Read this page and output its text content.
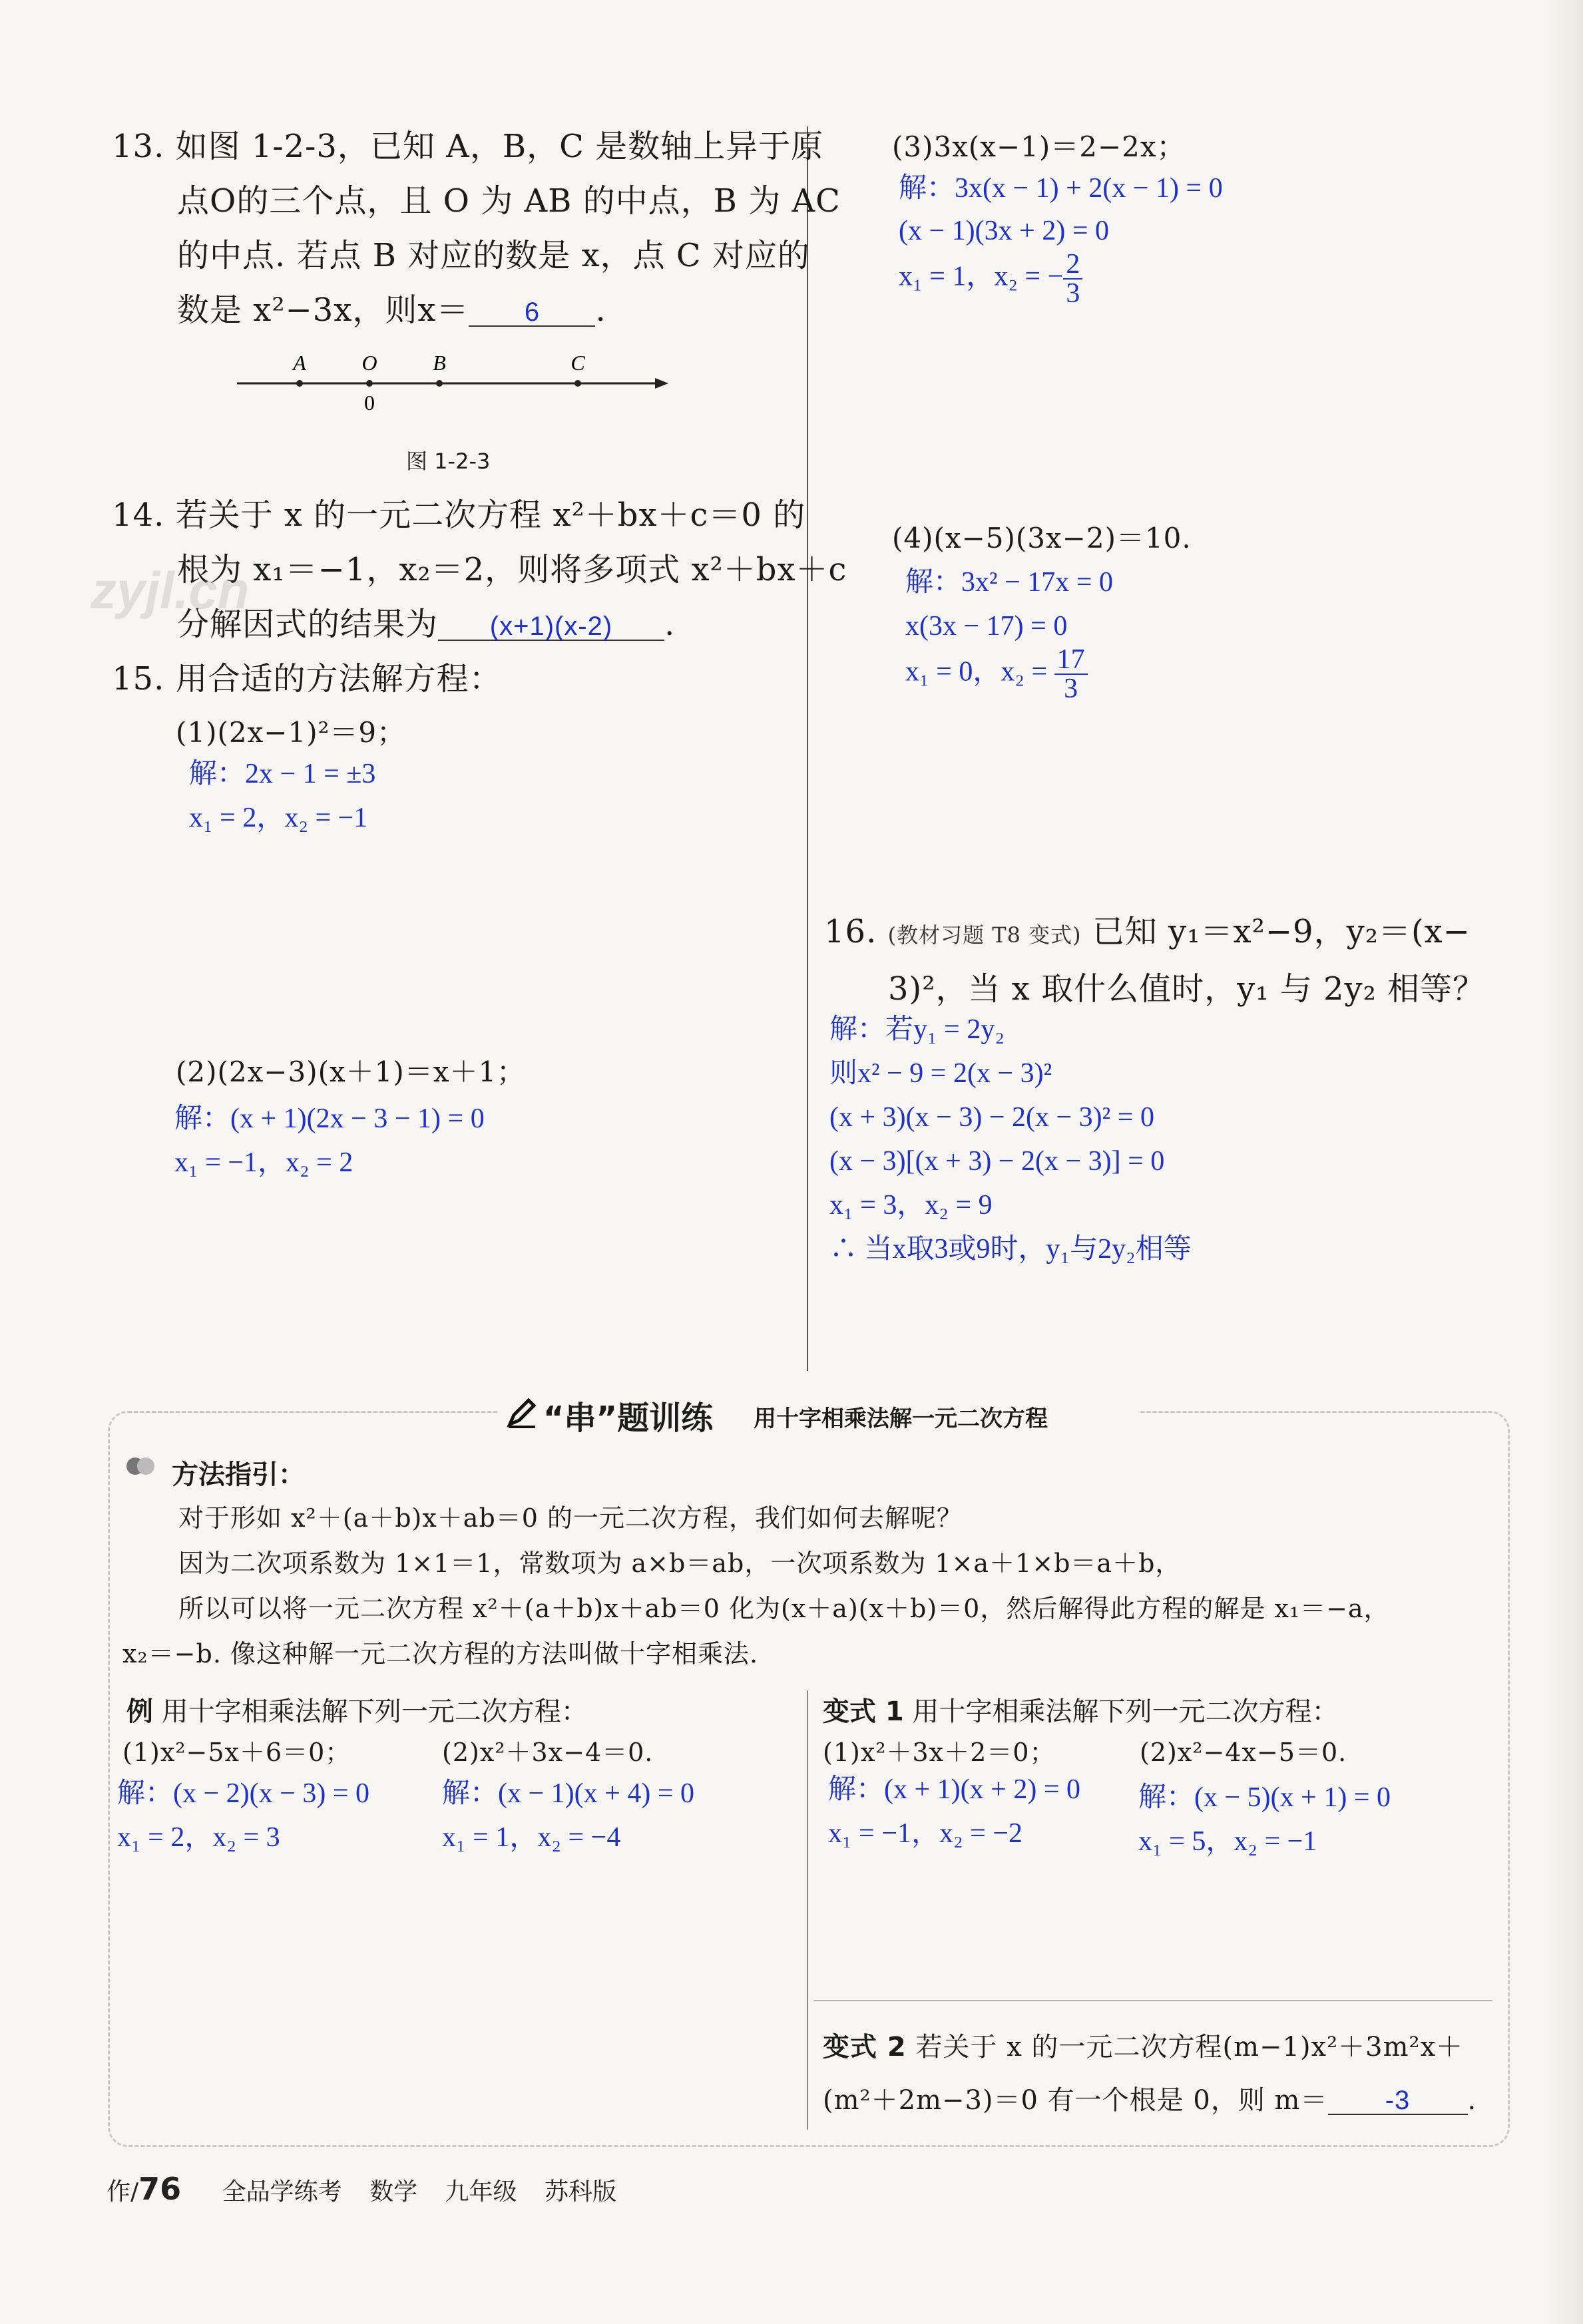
13. 如图 1-2-3，已知 A，B，C 是数轴上异于原
点O的三个点，且 O 为 AB 的中点，B 为 AC
的中点. 若点 B 对应的数是 x，点 C 对应的
数是 x²−3x，则x＝ 6 .
A	O	B	C
0
图 1-2-3
14. 若关于 x 的一元二次方程 x²＋bx＋c＝0 的
根为 x₁＝−1，x₂＝2，则将多项式 x²＋bx＋c
zyjl.cn
分解因式的结果为 (x+1)(x-2) .
15. 用合适的方法解方程：
(1)(2x−1)²＝9；
解：2x − 1 = ±3
x₁ = 2，x₂ = −1
(2)(2x−3)(x＋1)＝x＋1；
解：(x + 1)(2x − 3 − 1) = 0
x₁ = −1，x₂ = 2
(3)3x(x−1)＝2−2x；
解：3x(x − 1) + 2(x − 1) = 0
(x − 1)(3x + 2) = 0
x₁ = 1，x₂ = − $\frac{2}{3}$
(4)(x−5)(3x−2)＝10.
解：3x² − 17x = 0
x(3x − 17) = 0
x₁ = 0，$x_2 = \frac{17}{3}$
16. (教材习题 T8 变式) 已知 y₁＝x²−9，y₂＝(x−
3)²，当 x 取什么值时，y₁ 与 2y₂ 相等？
解：若y₁ = 2y₂
则x² − 9 = 2(x − 3)²
(x + 3)(x − 3) − 2(x − 3)² = 0
(x − 3)[(x + 3) − 2(x − 3)] = 0
x₁ = 3，x₂ = 9
∴ 当x取3或9时，y₁与2y₂相等
“串”题训练 用十字相乘法解一元二次方程
方法指引：
对于形如 x²＋(a＋b)x＋ab＝0 的一元二次方程，我们如何去解呢？
因为二次项系数为 1×1＝1，常数项为 a×b＝ab，一次项系数为 1×a＋1×b＝a＋b，
所以可以将一元二次方程 x²＋(a＋b)x＋ab＝0 化为(x＋a)(x＋b)＝0，然后解得此方程的解是 x₁＝−a，
x₂＝−b. 像这种解一元二次方程的方法叫做十字相乘法.
例 用十字相乘法解下列一元二次方程：
(1)x²−5x＋6＝0；	(2)x²＋3x−4＝0.
解：(x − 2)(x − 3) = 0
x₁ = 2，x₂ = 3
解：(x − 1)(x + 4) = 0
x₁ = 1，x₂ = −4
变式 1 用十字相乘法解下列一元二次方程：
(1)x²＋3x＋2＝0；	(2)x²−4x−5＝0.
解：(x + 1)(x + 2) = 0
x₁ = −1，x₂ = −2
解：(x − 5)(x + 1) = 0
x₁ = 5，x₂ = −1
变式 2 若关于 x 的一元二次方程(m−1)x²＋3m²x＋
(m²＋2m−3)＝0 有一个根是 0，则 m＝ -3 .
作/76 全品学练考 数学 九年级 苏科版
